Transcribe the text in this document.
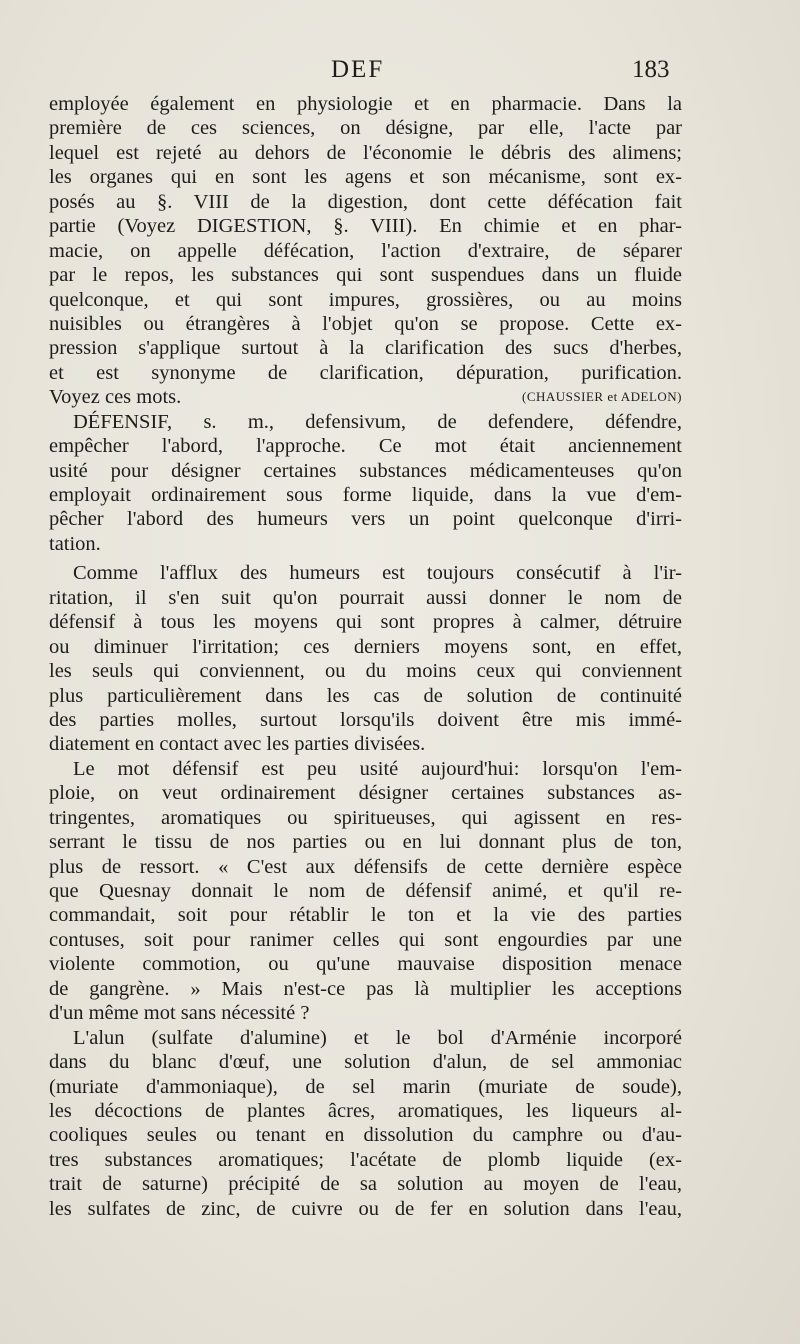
DEF	183
employée également en physiologie et en pharmacie. Dans la
première de ces sciences, on désigne, par elle, l'acte par
lequel est rejeté au dehors de l'économie le débris des alimens;
les organes qui en sont les agens et son mécanisme, sont ex-
posés au §. VIII de la digestion, dont cette défécation fait
partie (Voyez DIGESTION, §. VIII). En chimie et en phar-
macie, on appelle défécation, l'action d'extraire, de séparer
par le repos, les substances qui sont suspendues dans un fluide
quelconque, et qui sont impures, grossières, ou au moins
nuisibles ou étrangères à l'objet qu'on se propose. Cette ex-
pression s'applique surtout à la clarification des sucs d'herbes,
et est synonyme de clarification, dépuration, purification.
Voyez ces mots.	(CHAUSSIER et ADELON)
DÉFENSIF, s. m., defensivum, de defendere, défendre,
empêcher l'abord, l'approche. Ce mot était anciennement
usité pour désigner certaines substances médicamenteuses qu'on
employait ordinairement sous forme liquide, dans la vue d'em-
pêcher l'abord des humeurs vers un point quelconque d'irri-
tation.
Comme l'afflux des humeurs est toujours consécutif à l'ir-
ritation, il s'en suit qu'on pourrait aussi donner le nom de
défensif à tous les moyens qui sont propres à calmer, détruire
ou diminuer l'irritation; ces derniers moyens sont, en effet,
les seuls qui conviennent, ou du moins ceux qui conviennent
plus particulièrement dans les cas de solution de continuité
des parties molles, surtout lorsqu'ils doivent être mis immé-
diatement en contact avec les parties divisées.
Le mot défensif est peu usité aujourd'hui: lorsqu'on l'em-
ploie, on veut ordinairement désigner certaines substances as-
tringentes, aromatiques ou spiritueuses, qui agissent en res-
serrant le tissu de nos parties ou en lui donnant plus de ton,
plus de ressort. « C'est aux défensifs de cette dernière espèce
que Quesnay donnait le nom de défensif animé, et qu'il re-
commandait, soit pour rétablir le ton et la vie des parties
contuses, soit pour ranimer celles qui sont engourdies par une
violente commotion, ou qu'une mauvaise disposition menace
de gangrène. » Mais n'est-ce pas là multiplier les acceptions
d'un même mot sans nécessité ?
L'alun (sulfate d'alumine) et le bol d'Arménie incorporé
dans du blanc d'œuf, une solution d'alun, de sel ammoniac
(muriate d'ammoniaque), de sel marin (muriate de soude),
les décoctions de plantes âcres, aromatiques, les liqueurs al-
cooliques seules ou tenant en dissolution du camphre ou d'au-
tres substances aromatiques; l'acétate de plomb liquide (ex-
trait de saturne) précipité de sa solution au moyen de l'eau,
les sulfates de zinc, de cuivre ou de fer en solution dans l'eau,
